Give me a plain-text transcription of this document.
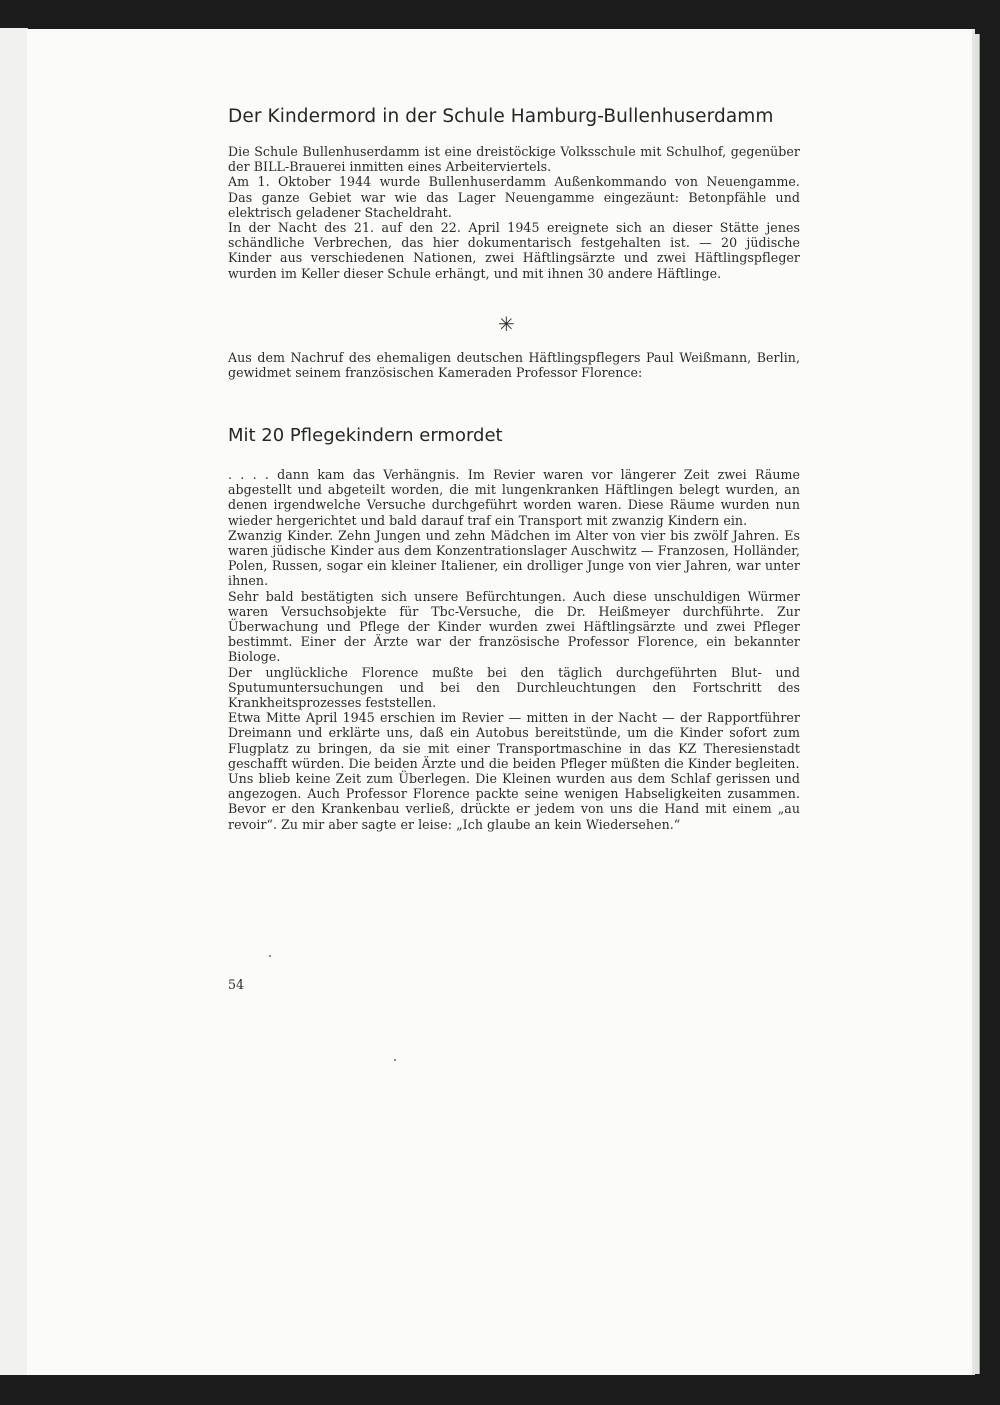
Der Kindermord in der Schule Hamburg-Bullenhuserdamm

Die Schule Bullenhuserdamm ist eine dreistöckige Volksschule mit Schulhof, gegenüber der BILL-Brauerei inmitten eines Arbeiterviertels.

Am 1. Oktober 1944 wurde Bullenhuserdamm Außenkommando von Neuengamme.

Das ganze Gebiet war wie das Lager Neuengamme eingezäunt: Betonpfähle und elektrisch geladener Stacheldraht.

In der Nacht des 21. auf den 22. April 1945 ereignete sich an dieser Stätte jenes schändliche Verbrechen, das hier dokumentarisch festgehalten ist. — 20 jüdische Kinder aus verschiedenen Nationen, zwei Häftlingsärzte und zwei Häftlingspfleger wurden im Keller dieser Schule erhängt, und mit ihnen 30 andere Häftlinge.

✳

Aus dem Nachruf des ehemaligen deutschen Häftlingspflegers Paul Weißmann, Berlin, gewidmet seinem französischen Kameraden Professor Florence:

Mit 20 Pflegekindern ermordet

. . . . dann kam das Verhängnis. Im Revier waren vor längerer Zeit zwei Räume abgestellt und abgeteilt worden, die mit lungenkranken Häftlingen belegt wurden, an denen irgendwelche Versuche durchgeführt worden waren. Diese Räume wurden nun wieder hergerichtet und bald darauf traf ein Transport mit zwanzig Kindern ein.

Zwanzig Kinder. Zehn Jungen und zehn Mädchen im Alter von vier bis zwölf Jahren. Es waren jüdische Kinder aus dem Konzentrationslager Auschwitz — Franzosen, Holländer, Polen, Russen, sogar ein kleiner Italiener, ein drolliger Junge von vier Jahren, war unter ihnen.

Sehr bald bestätigten sich unsere Befürchtungen. Auch diese unschuldigen Würmer waren Versuchsobjekte für Tbc-Versuche, die Dr. Heißmeyer durchführte. Zur Überwachung und Pflege der Kinder wurden zwei Häftlingsärzte und zwei Pfleger bestimmt. Einer der Ärzte war der französische Professor Florence, ein bekannter Biologe.

Der unglückliche Florence mußte bei den täglich durchgeführten Blut- und Sputumuntersuchungen und bei den Durchleuchtungen den Fortschritt des Krankheitsprozesses feststellen.

Etwa Mitte April 1945 erschien im Revier — mitten in der Nacht — der Rapportführer Dreimann und erklärte uns, daß ein Autobus bereitstünde, um die Kinder sofort zum Flugplatz zu bringen, da sie mit einer Transportmaschine in das KZ Theresienstadt geschafft würden. Die beiden Ärzte und die beiden Pfleger müßten die Kinder begleiten.

Uns blieb keine Zeit zum Überlegen. Die Kleinen wurden aus dem Schlaf gerissen und angezogen. Auch Professor Florence packte seine wenigen Habseligkeiten zusammen. Bevor er den Krankenbau verließ, drückte er jedem von uns die Hand mit einem „au revoir“. Zu mir aber sagte er leise: „Ich glaube an kein Wiedersehen.“

54
